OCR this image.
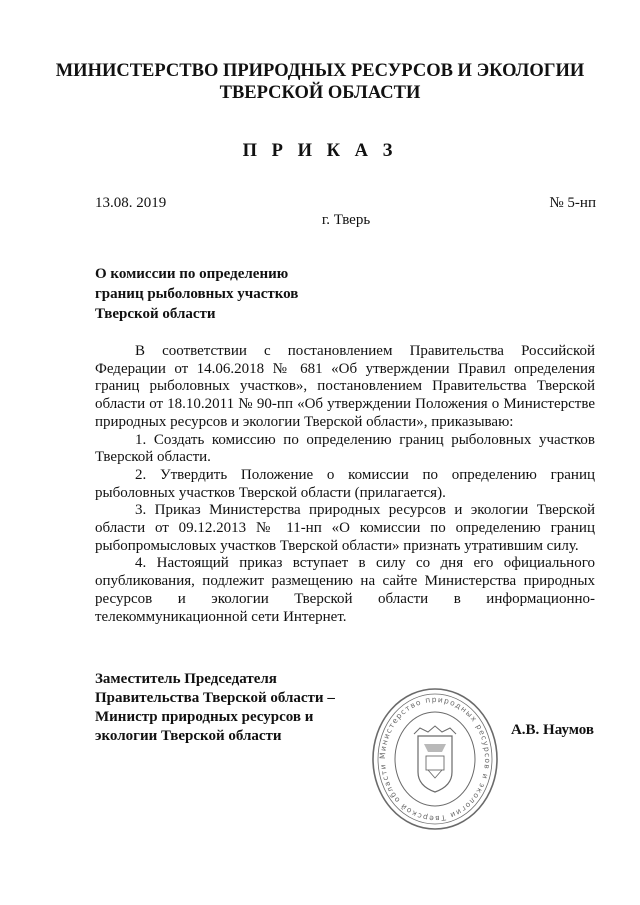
МИНИСТЕРСТВО ПРИРОДНЫХ РЕСУРСОВ И ЭКОЛОГИИ
ТВЕРСКОЙ ОБЛАСТИ
П Р И К А З
13.08. 2019	№ 5-нп
г. Тверь
О комиссии по определению
границ рыболовных участков
Тверской области

В соответствии с постановлением Правительства Российской Федерации от 14.06.2018 № 681 «Об утверждении Правил определения границ рыболовных участков», постановлением Правительства Тверской области от 18.10.2011 № 90-пп «Об утверждении Положения о Министерстве природных ресурсов и экологии Тверской области», приказываю:

1. Создать комиссию по определению границ рыболовных участков Тверской области.

2. Утвердить Положение о комиссии по определению границ рыболовных участков Тверской области (прилагается).

3. Приказ Министерства природных ресурсов и экологии Тверской области от 09.12.2013 № 11-нп «О комиссии по определению границ рыбопромысловых участков Тверской области» признать утратившим силу.

4. Настоящий приказ вступает в силу со дня его официального опубликования, подлежит размещению на сайте Министерства природных ресурсов и экологии Тверской области в информационно-телекоммуникационной сети Интернет.

Заместитель Председателя
Правительства Тверской области –
Министр природных ресурсов и
экологии Тверской области
Министерство природных ресурсов и экологии Тверской области
А.В. Наумов
